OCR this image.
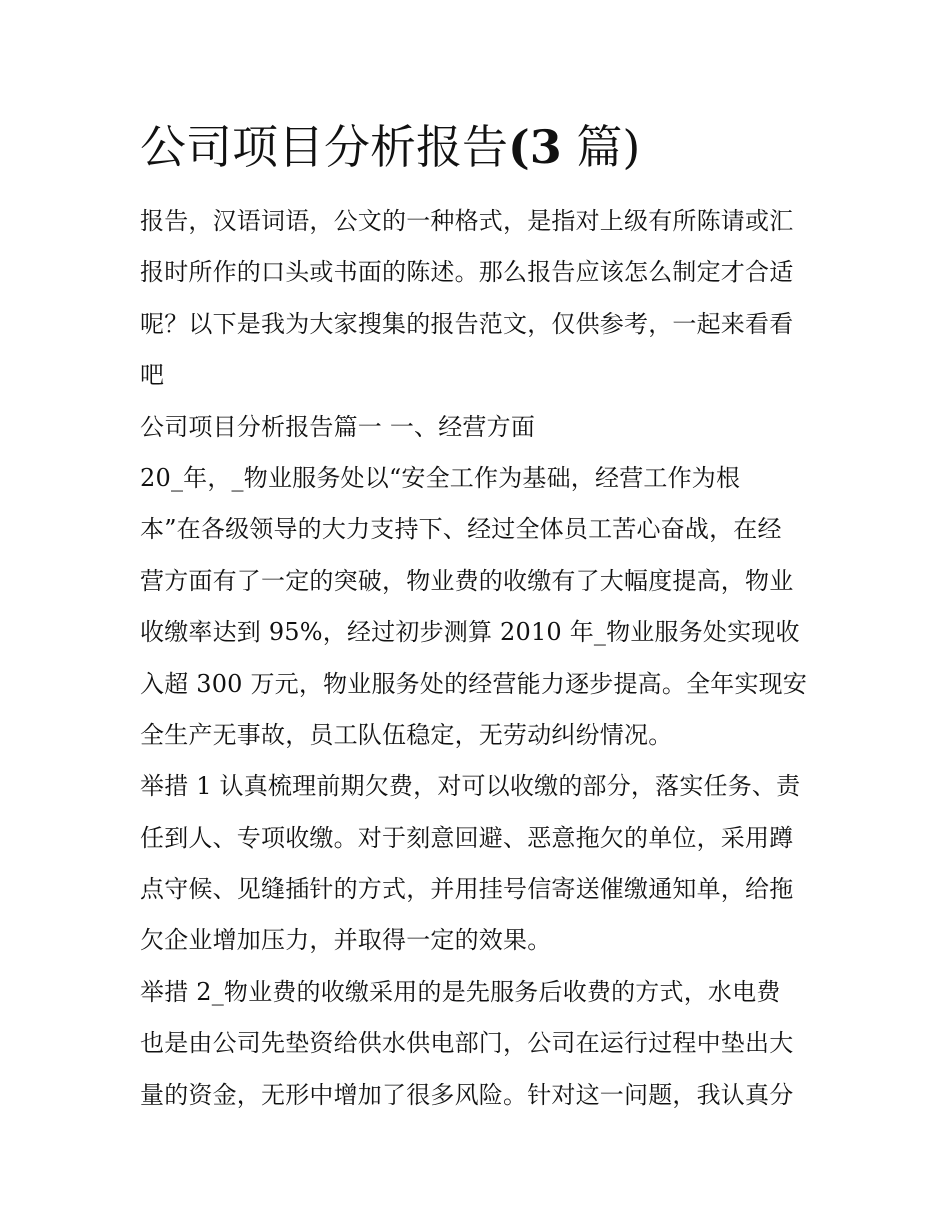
公司项目分析报告(3 篇)
报告，汉语词语，公文的一种格式，是指对上级有所陈请或汇
报时所作的口头或书面的陈述。那么报告应该怎么制定才合适
呢？以下是我为大家搜集的报告范文，仅供参考，一起来看看
吧
公司项目分析报告篇一 一、经营方面
20_年，_物业服务处以“安全工作为基础，经营工作为根
本”在各级领导的大力支持下、经过全体员工苦心奋战，在经
营方面有了一定的突破，物业费的收缴有了大幅度提高，物业
收缴率达到 95%，经过初步测算 2010 年_物业服务处实现收
入超 300 万元，物业服务处的经营能力逐步提高。全年实现安
全生产无事故，员工队伍稳定，无劳动纠纷情况。
举措 1 认真梳理前期欠费，对可以收缴的部分，落实任务、责
任到人、专项收缴。对于刻意回避、恶意拖欠的单位，采用蹲
点守候、见缝插针的方式，并用挂号信寄送催缴通知单，给拖
欠企业增加压力，并取得一定的效果。
举措 2_物业费的收缴采用的是先服务后收费的方式，水电费
也是由公司先垫资给供水供电部门，公司在运行过程中垫出大
量的资金，无形中增加了很多风险。针对这一问题，我认真分
